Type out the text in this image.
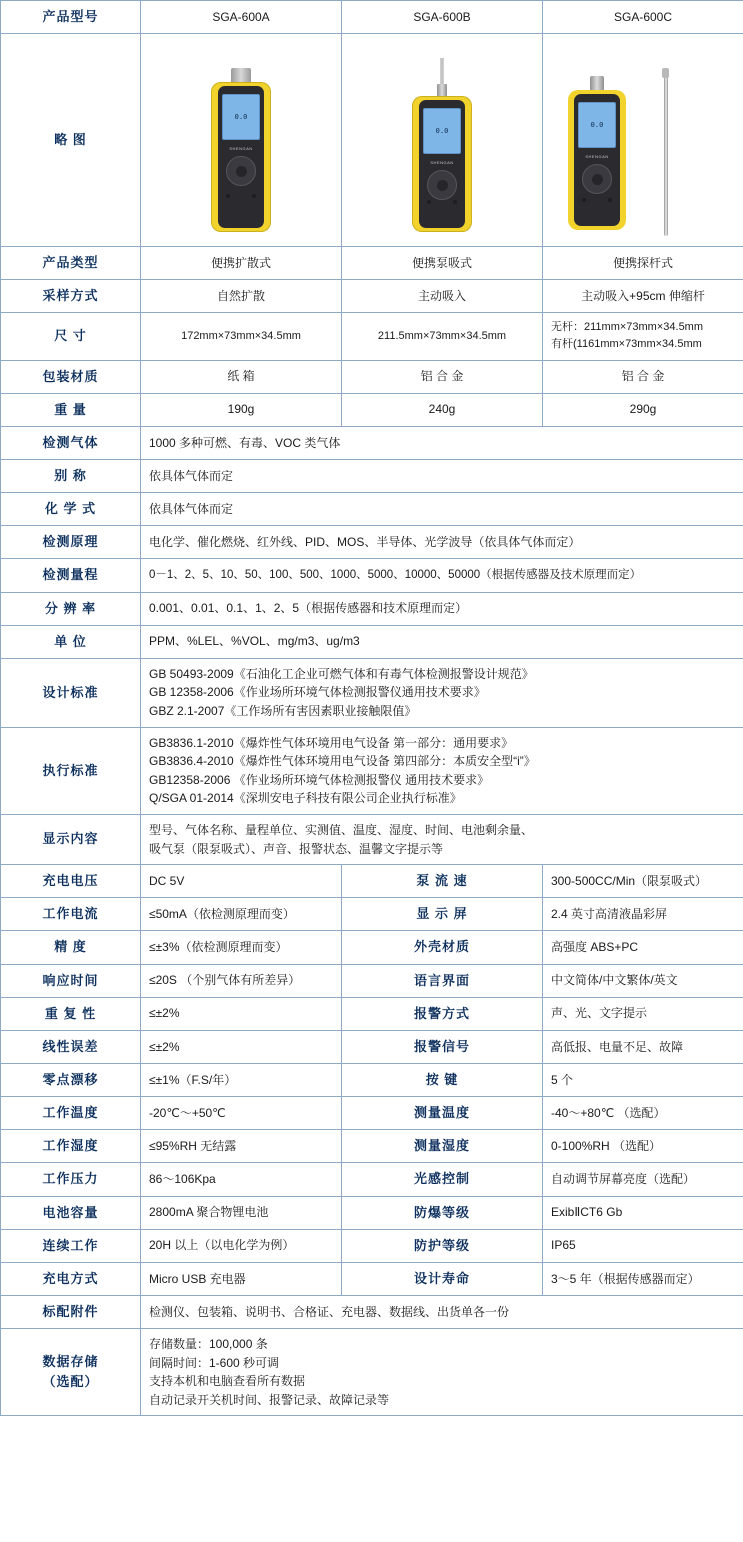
产品型号	SGA-600A	SGA-600B	SGA-600C
略 图	
0.0
SHENGAN

0.0
SHENGAN

0.0
SHENGAN

产品类型	便携扩散式	便携泵吸式	便携探杆式
采样方式	自然扩散	主动吸入	主动吸入+95cm 伸缩杆
尺 寸	172mm×73mm×34.5mm	211.5mm×73mm×34.5mm	无杆：211mm×73mm×34.5mm
有杆(1161mm×73mm×34.5mm

包装材质	纸 箱	铝 合 金	铝 合 金
重 量	190g	240g	290g
检测气体	1000 多种可燃、有毒、VOC 类气体		
别 称	依具体气体而定		
化 学 式	依具体气体而定		
检测原理	电化学、催化燃烧、红外线、PID、MOS、半导体、光学波导（依具体气体而定）		
检测量程	0－1、2、5、10、50、100、500、1000、5000、10000、50000（根据传感器及技术原理而定）		
分 辨 率	0.001、0.01、0.1、1、2、5（根据传感器和技术原理而定）		
单 位	PPM、%LEL、%VOL、mg/m3、ug/m3		
设计标准	GB 50493-2009《石油化工企业可燃气体和有毒气体检测报警设计规范》
GB 12358-2006《作业场所环境气体检测报警仪通用技术要求》
GBZ 2.1-2007《工作场所有害因素职业接触限值》		

执行标准	GB3836.1-2010《爆炸性气体环境用电气设备 第一部分：通用要求》
GB3836.4-2010《爆炸性气体环境用电气设备 第四部分：本质安全型“i”》
GB12358-2006 《作业场所环境气体检测报警仪 通用技术要求》
Q/SGA 01-2014《深圳安电子科技有限公司企业执行标准》		

显示内容	型号、气体名称、量程单位、实测值、温度、湿度、时间、电池剩余量、
吸气泵（限泵吸式）、声音、报警状态、温馨文字提示等		

充电电压	DC 5V	泵 流 速	300-500CC/Min（限泵吸式）
工作电流	≤50mA（依检测原理而变）	显 示 屏	2.4 英寸高清液晶彩屏
精 度	≤±3%（依检测原理而变）	外壳材质	高强度 ABS+PC
响应时间	≤20S （个别气体有所差异）	语言界面	中文简体/中文繁体/英文
重 复 性	≤±2%	报警方式	声、光、文字提示
线性误差	≤±2%	报警信号	高低报、电量不足、故障
零点漂移	≤±1%（F.S/年）	按 键	5 个
工作温度	-20℃～+50℃	测量温度	-40～+80℃ （选配）
工作湿度	≤95%RH 无结露	测量湿度	0-100%RH （选配）
工作压力	86～106Kpa	光感控制	自动调节屏幕亮度（选配）
电池容量	2800mA 聚合物锂电池	防爆等级	ExibⅡCT6 Gb
连续工作	20H 以上（以电化学为例）	防护等级	IP65
充电方式	Micro USB 充电器	设计寿命	3～5 年（根据传感器而定）
标配附件	检测仪、包装箱、说明书、合格证、充电器、数据线、出货单各一份		

数据存储
（选配）

存储数量：100,000 条
间隔时间：1-600 秒可调
支持本机和电脑查看所有数据
自动记录开关机时间、报警记录、故障记录等
